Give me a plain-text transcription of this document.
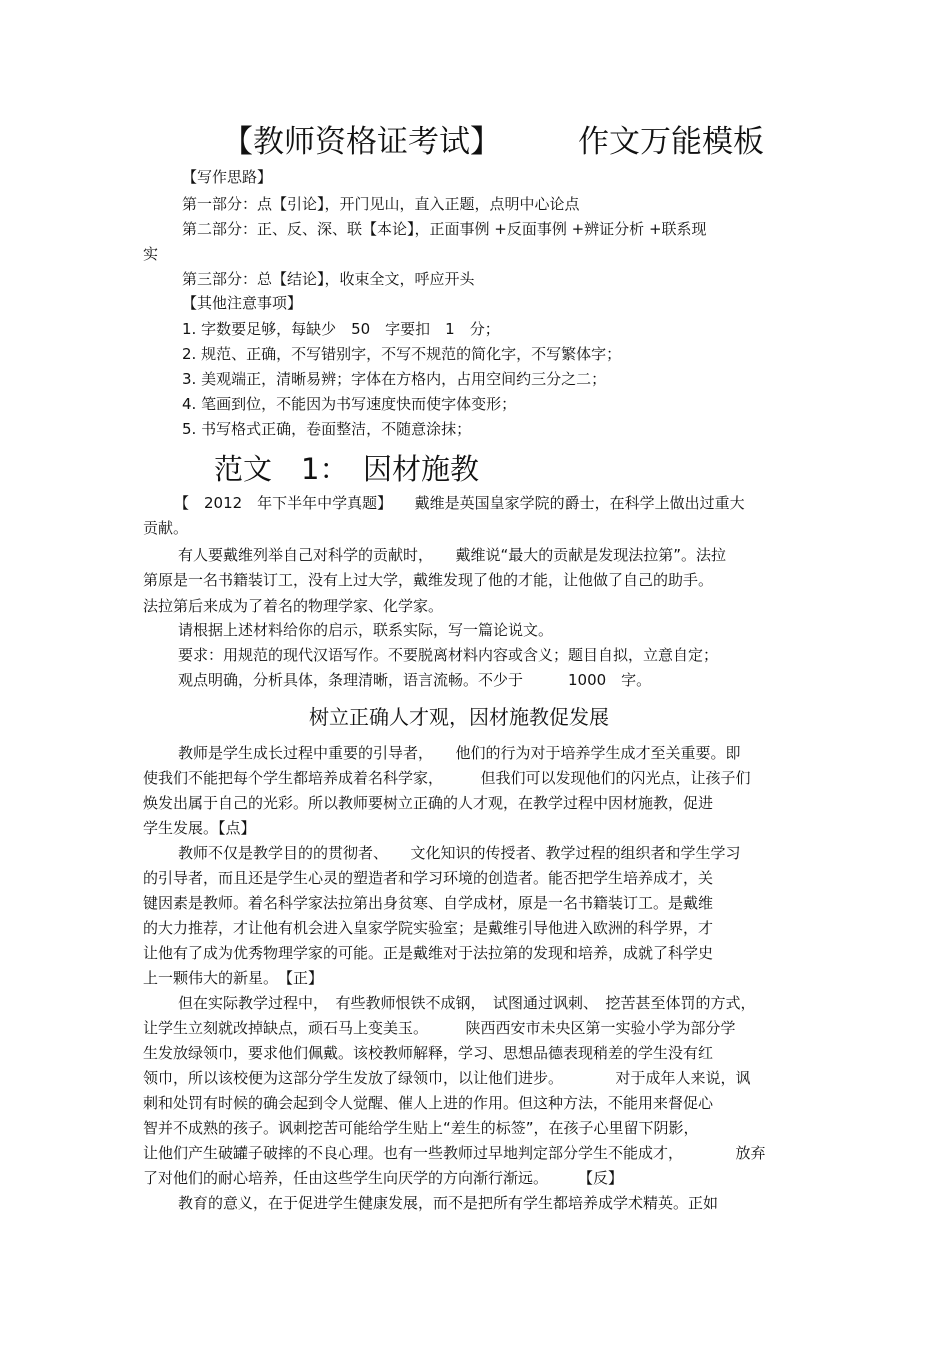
【教师资格证考试】 作文万能模板
【写作思路】
第一部分：点【引论】，开门见山，直入正题，点明中心论点
第二部分：正、反、深、联【本论】，正面事例 +反面事例 +辨证分析 +联系现
实
第三部分：总【结论】，收束全文，呼应开头
【其他注意事项】
1. 字数要足够，每缺少　50　字要扣　1　分；
2. 规范、正确，不写错别字，不写不规范的简化字，不写繁体字；
3. 美观端正，清晰易辨；字体在方格内，占用空间约三分之二；
4. 笔画到位，不能因为书写速度快而使字体变形；
5. 书写格式正确，卷面整洁，不随意涂抹；
范文　1：　因材施教
【　2012　年下半年中学真题】　　戴维是英国皇家学院的爵士，在科学上做出过重大
贡献。
有人要戴维列举自己对科学的贡献时，　　戴维说“最大的贡献是发现法拉第”。法拉
第原是一名书籍装订工，没有上过大学，戴维发现了他的才能，让他做了自己的助手。
法拉第后来成为了着名的物理学家、化学家。
请根据上述材料给你的启示，联系实际，写一篇论说文。
要求：用规范的现代汉语写作。不要脱离材料内容或含义；题目自拟，立意自定；
观点明确，分析具体，条理清晰，语言流畅。不少于　　　1000　字。
树立正确人才观，因材施教促发展
教师是学生成长过程中重要的引导者，　　他们的行为对于培养学生成才至关重要。即
使我们不能把每个学生都培养成着名科学家，　　　但我们可以发现他们的闪光点，让孩子们
焕发出属于自己的光彩。所以教师要树立正确的人才观，在教学过程中因材施教，促进
学生发展。【点】
教师不仅是教学目的的贯彻者、　　文化知识的传授者、教学过程的组织者和学生学习
的引导者，而且还是学生心灵的塑造者和学习环境的创造者。能否把学生培养成才，关
键因素是教师。着名科学家法拉第出身贫寒、自学成材，原是一名书籍装订工。是戴维
的大力推荐，才让他有机会进入皇家学院实验室；是戴维引导他进入欧洲的科学界，才
让他有了成为优秀物理学家的可能。正是戴维对于法拉第的发现和培养，成就了科学史
上一颗伟大的新星。　【正】
但在实际教学过程中，　有些教师恨铁不成钢，　试图通过讽刺、　挖苦甚至体罚的方式，
让学生立刻就改掉缺点，顽石马上变美玉。　　　陕西西安市未央区第一实验小学为部分学
生发放绿领巾，要求他们佩戴。该校教师解释，学习、思想品德表现稍差的学生没有红
领巾，所以该校便为这部分学生发放了绿领巾，以让他们进步。　　　　对于成年人来说，讽
刺和处罚有时候的确会起到令人觉醒、催人上进的作用。但这种方法，不能用来督促心
智并不成熟的孩子。讽刺挖苦可能给学生贴上“差生的标签”，在孩子心里留下阴影，
让他们产生破罐子破摔的不良心理。也有一些教师过早地判定部分学生不能成才，　　　　放弃
了对他们的耐心培养，任由这些学生向厌学的方向渐行渐远。　　　【反】
教育的意义，在于促进学生健康发展，而不是把所有学生都培养成学术精英。正如
